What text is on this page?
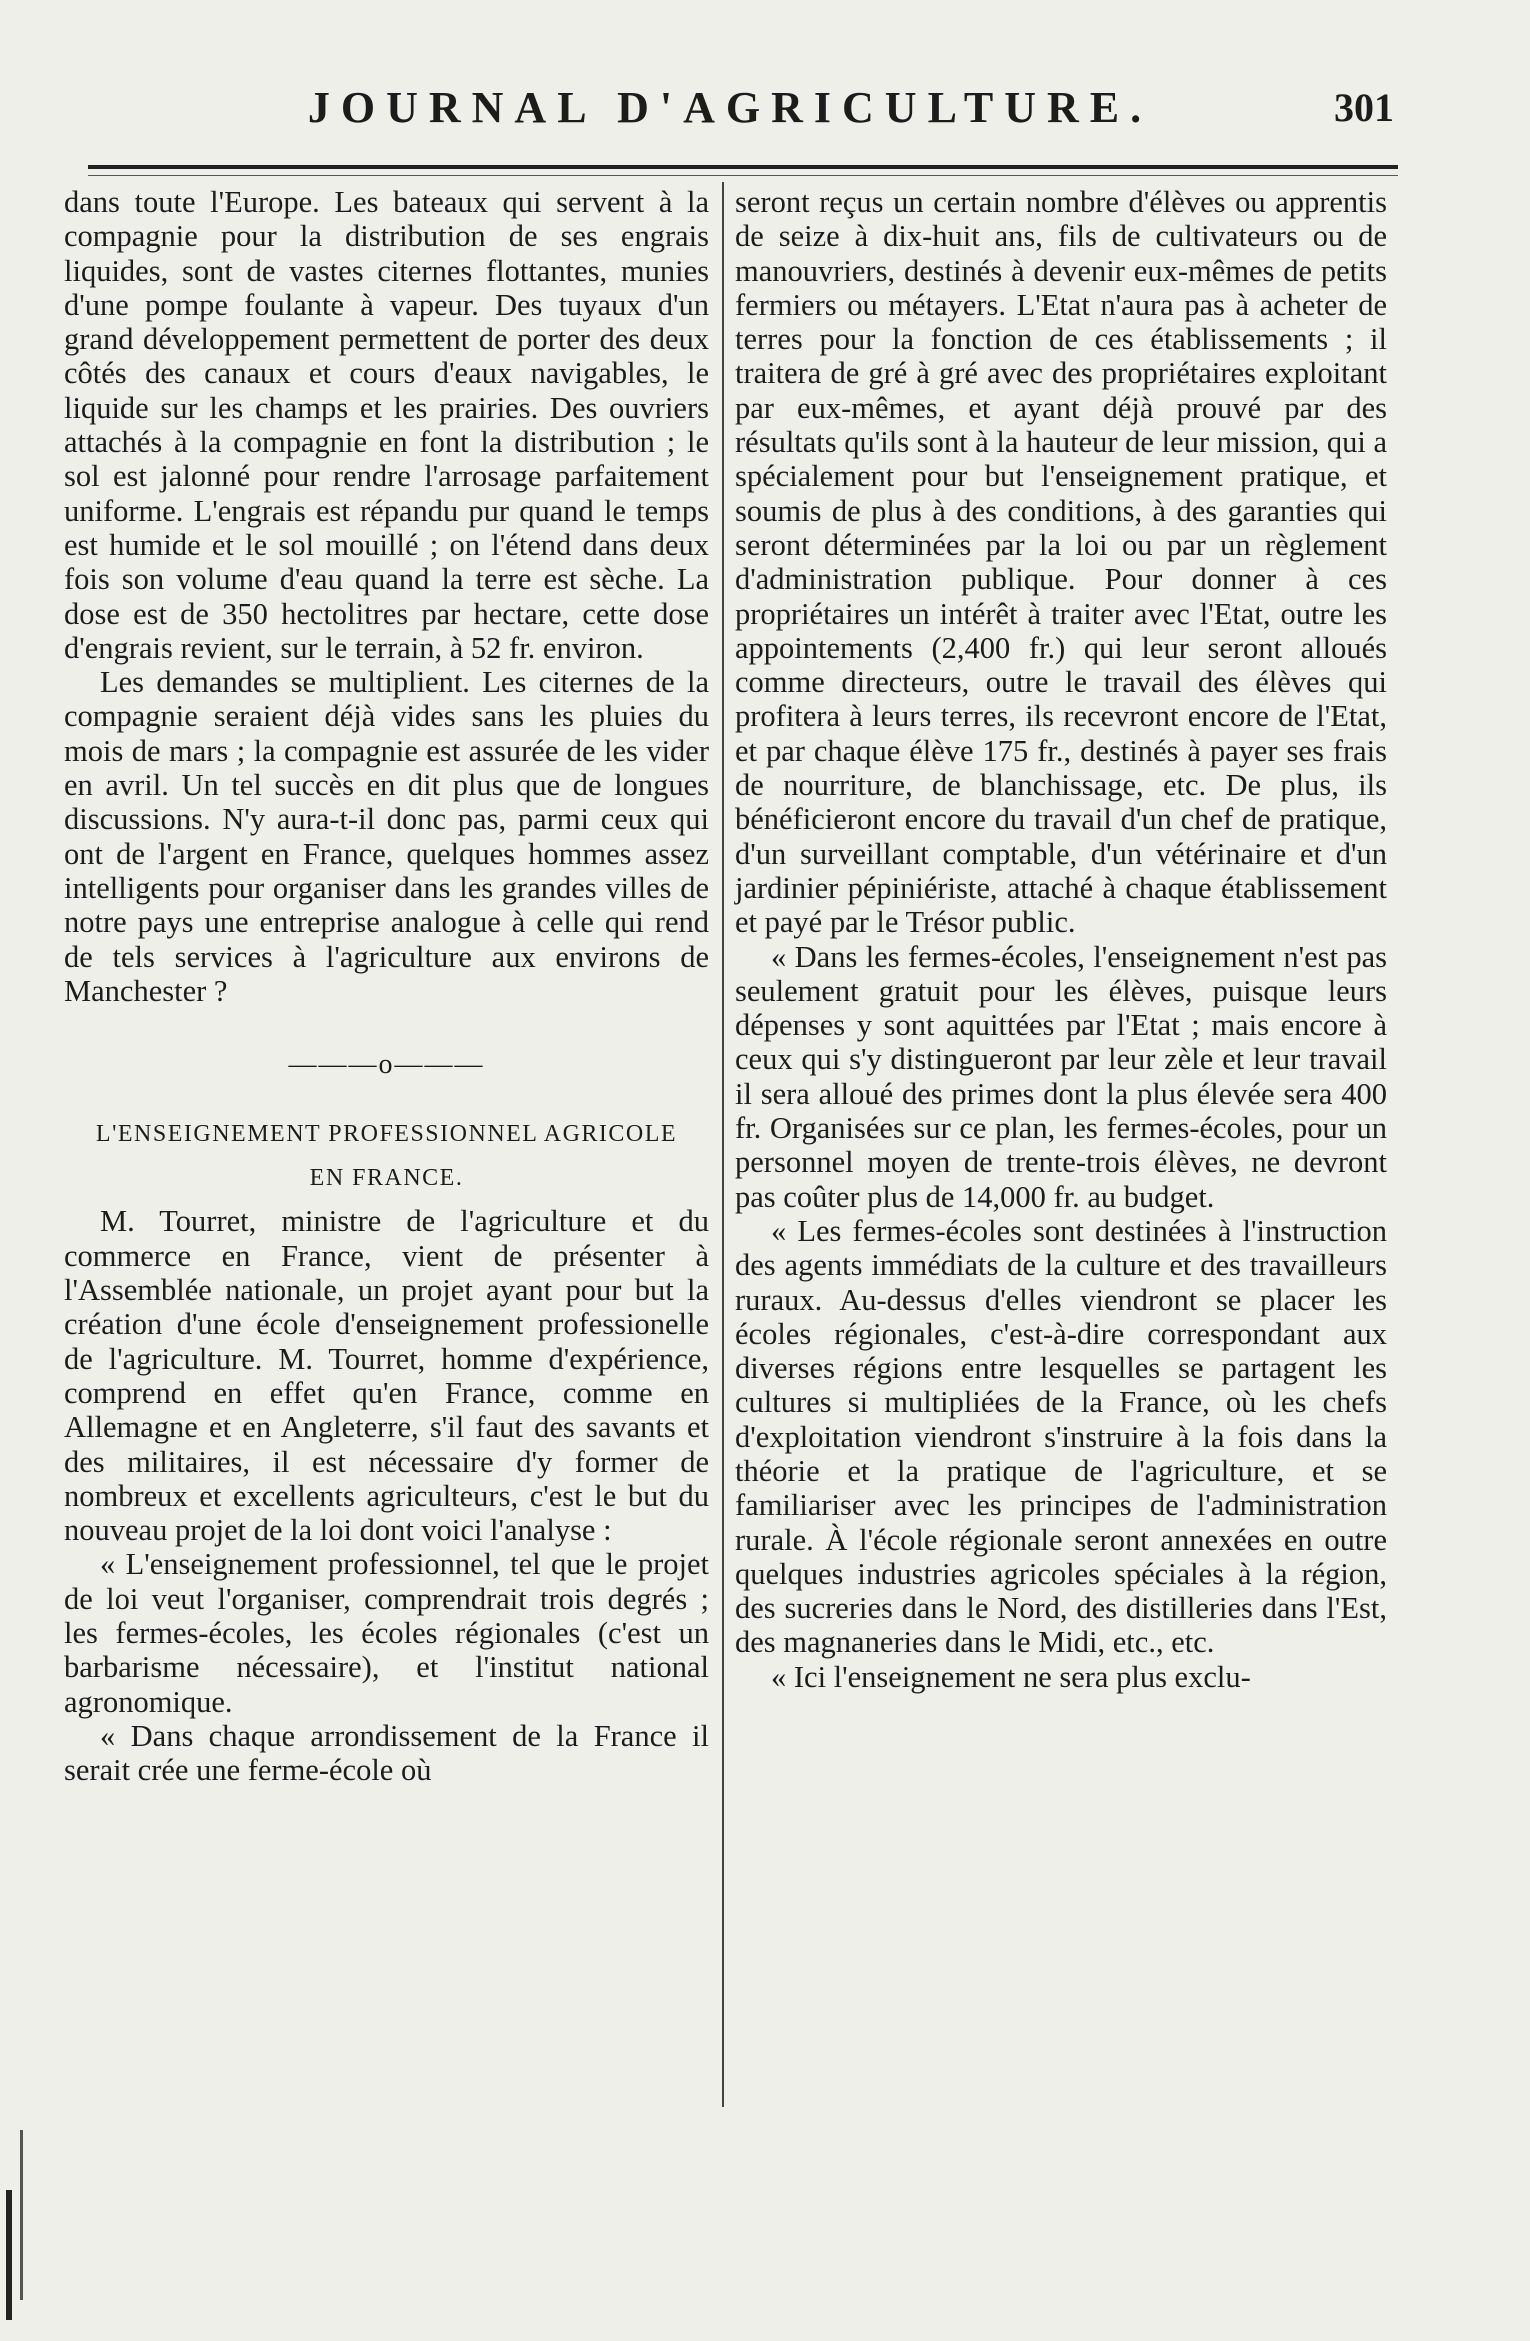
JOURNAL D'AGRICULTURE.	301

dans toute l'Europe. Les bateaux qui servent à la compagnie pour la distribution de ses engrais liquides, sont de vastes citernes flottantes, munies d'une pompe foulante à vapeur. Des tuyaux d'un grand développement permettent de porter des deux côtés des canaux et cours d'eaux navigables, le liquide sur les champs et les prairies. Des ouvriers attachés à la compagnie en font la distribution ; le sol est jalonné pour rendre l'arrosage parfaitement uniforme. L'engrais est répandu pur quand le temps est humide et le sol mouillé ; on l'étend dans deux fois son volume d'eau quand la terre est sèche. La dose est de 350 hectolitres par hectare, cette dose d'engrais revient, sur le terrain, à 52 fr. environ.

Les demandes se multiplient. Les citernes de la compagnie seraient déjà vides sans les pluies du mois de mars ; la compagnie est assurée de les vider en avril. Un tel succès en dit plus que de longues discussions. N'y aura-t-il donc pas, parmi ceux qui ont de l'argent en France, quelques hommes assez intelligents pour organiser dans les grandes villes de notre pays une entreprise analogue à celle qui rend de tels services à l'agriculture aux environs de Manchester ?

———o———
L'ENSEIGNEMENT PROFESSIONNEL AGRICOLE
EN FRANCE.

M. Tourret, ministre de l'agriculture et du commerce en France, vient de présenter à l'Assemblée nationale, un projet ayant pour but la création d'une école d'enseignement professionelle de l'agriculture. M. Tourret, homme d'expérience, comprend en effet qu'en France, comme en Allemagne et en Angleterre, s'il faut des savants et des militaires, il est nécessaire d'y former de nombreux et excellents agriculteurs, c'est le but du nouveau projet de la loi dont voici l'analyse :

« L'enseignement professionnel, tel que le projet de loi veut l'organiser, comprendrait trois degrés ; les fermes-écoles, les écoles régionales (c'est un barbarisme nécessaire), et l'institut national agronomique.

« Dans chaque arrondissement de la France il serait crée une ferme-école où

seront reçus un certain nombre d'élèves ou apprentis de seize à dix-huit ans, fils de cultivateurs ou de manouvriers, destinés à devenir eux-mêmes de petits fermiers ou métayers. L'Etat n'aura pas à acheter de terres pour la fonction de ces établissements ; il traitera de gré à gré avec des propriétaires exploitant par eux-mêmes, et ayant déjà prouvé par des résultats qu'ils sont à la hauteur de leur mission, qui a spécialement pour but l'enseignement pratique, et soumis de plus à des conditions, à des garanties qui seront déterminées par la loi ou par un règlement d'administration publique. Pour donner à ces propriétaires un intérêt à traiter avec l'Etat, outre les appointements (2,400 fr.) qui leur seront alloués comme directeurs, outre le travail des élèves qui profitera à leurs terres, ils recevront encore de l'Etat, et par chaque élève 175 fr., destinés à payer ses frais de nourriture, de blanchissage, etc. De plus, ils bénéficieront encore du travail d'un chef de pratique, d'un surveillant comptable, d'un vétérinaire et d'un jardinier pépiniériste, attaché à chaque établissement et payé par le Trésor public.

« Dans les fermes-écoles, l'enseignement n'est pas seulement gratuit pour les élèves, puisque leurs dépenses y sont aquittées par l'Etat ; mais encore à ceux qui s'y distingueront par leur zèle et leur travail il sera alloué des primes dont la plus élevée sera 400 fr. Organisées sur ce plan, les fermes-écoles, pour un personnel moyen de trente-trois élèves, ne devront pas coûter plus de 14,000 fr. au budget.

« Les fermes-écoles sont destinées à l'instruction des agents immédiats de la culture et des travailleurs ruraux. Au-dessus d'elles viendront se placer les écoles régionales, c'est-à-dire correspondant aux diverses régions entre lesquelles se partagent les cultures si multipliées de la France, où les chefs d'exploitation viendront s'instruire à la fois dans la théorie et la pratique de l'agriculture, et se familiariser avec les principes de l'administration rurale. À l'école régionale seront annexées en outre quelques industries agricoles spéciales à la région, des sucreries dans le Nord, des distilleries dans l'Est, des magnaneries dans le Midi, etc., etc.

« Ici l'enseignement ne sera plus exclu-
